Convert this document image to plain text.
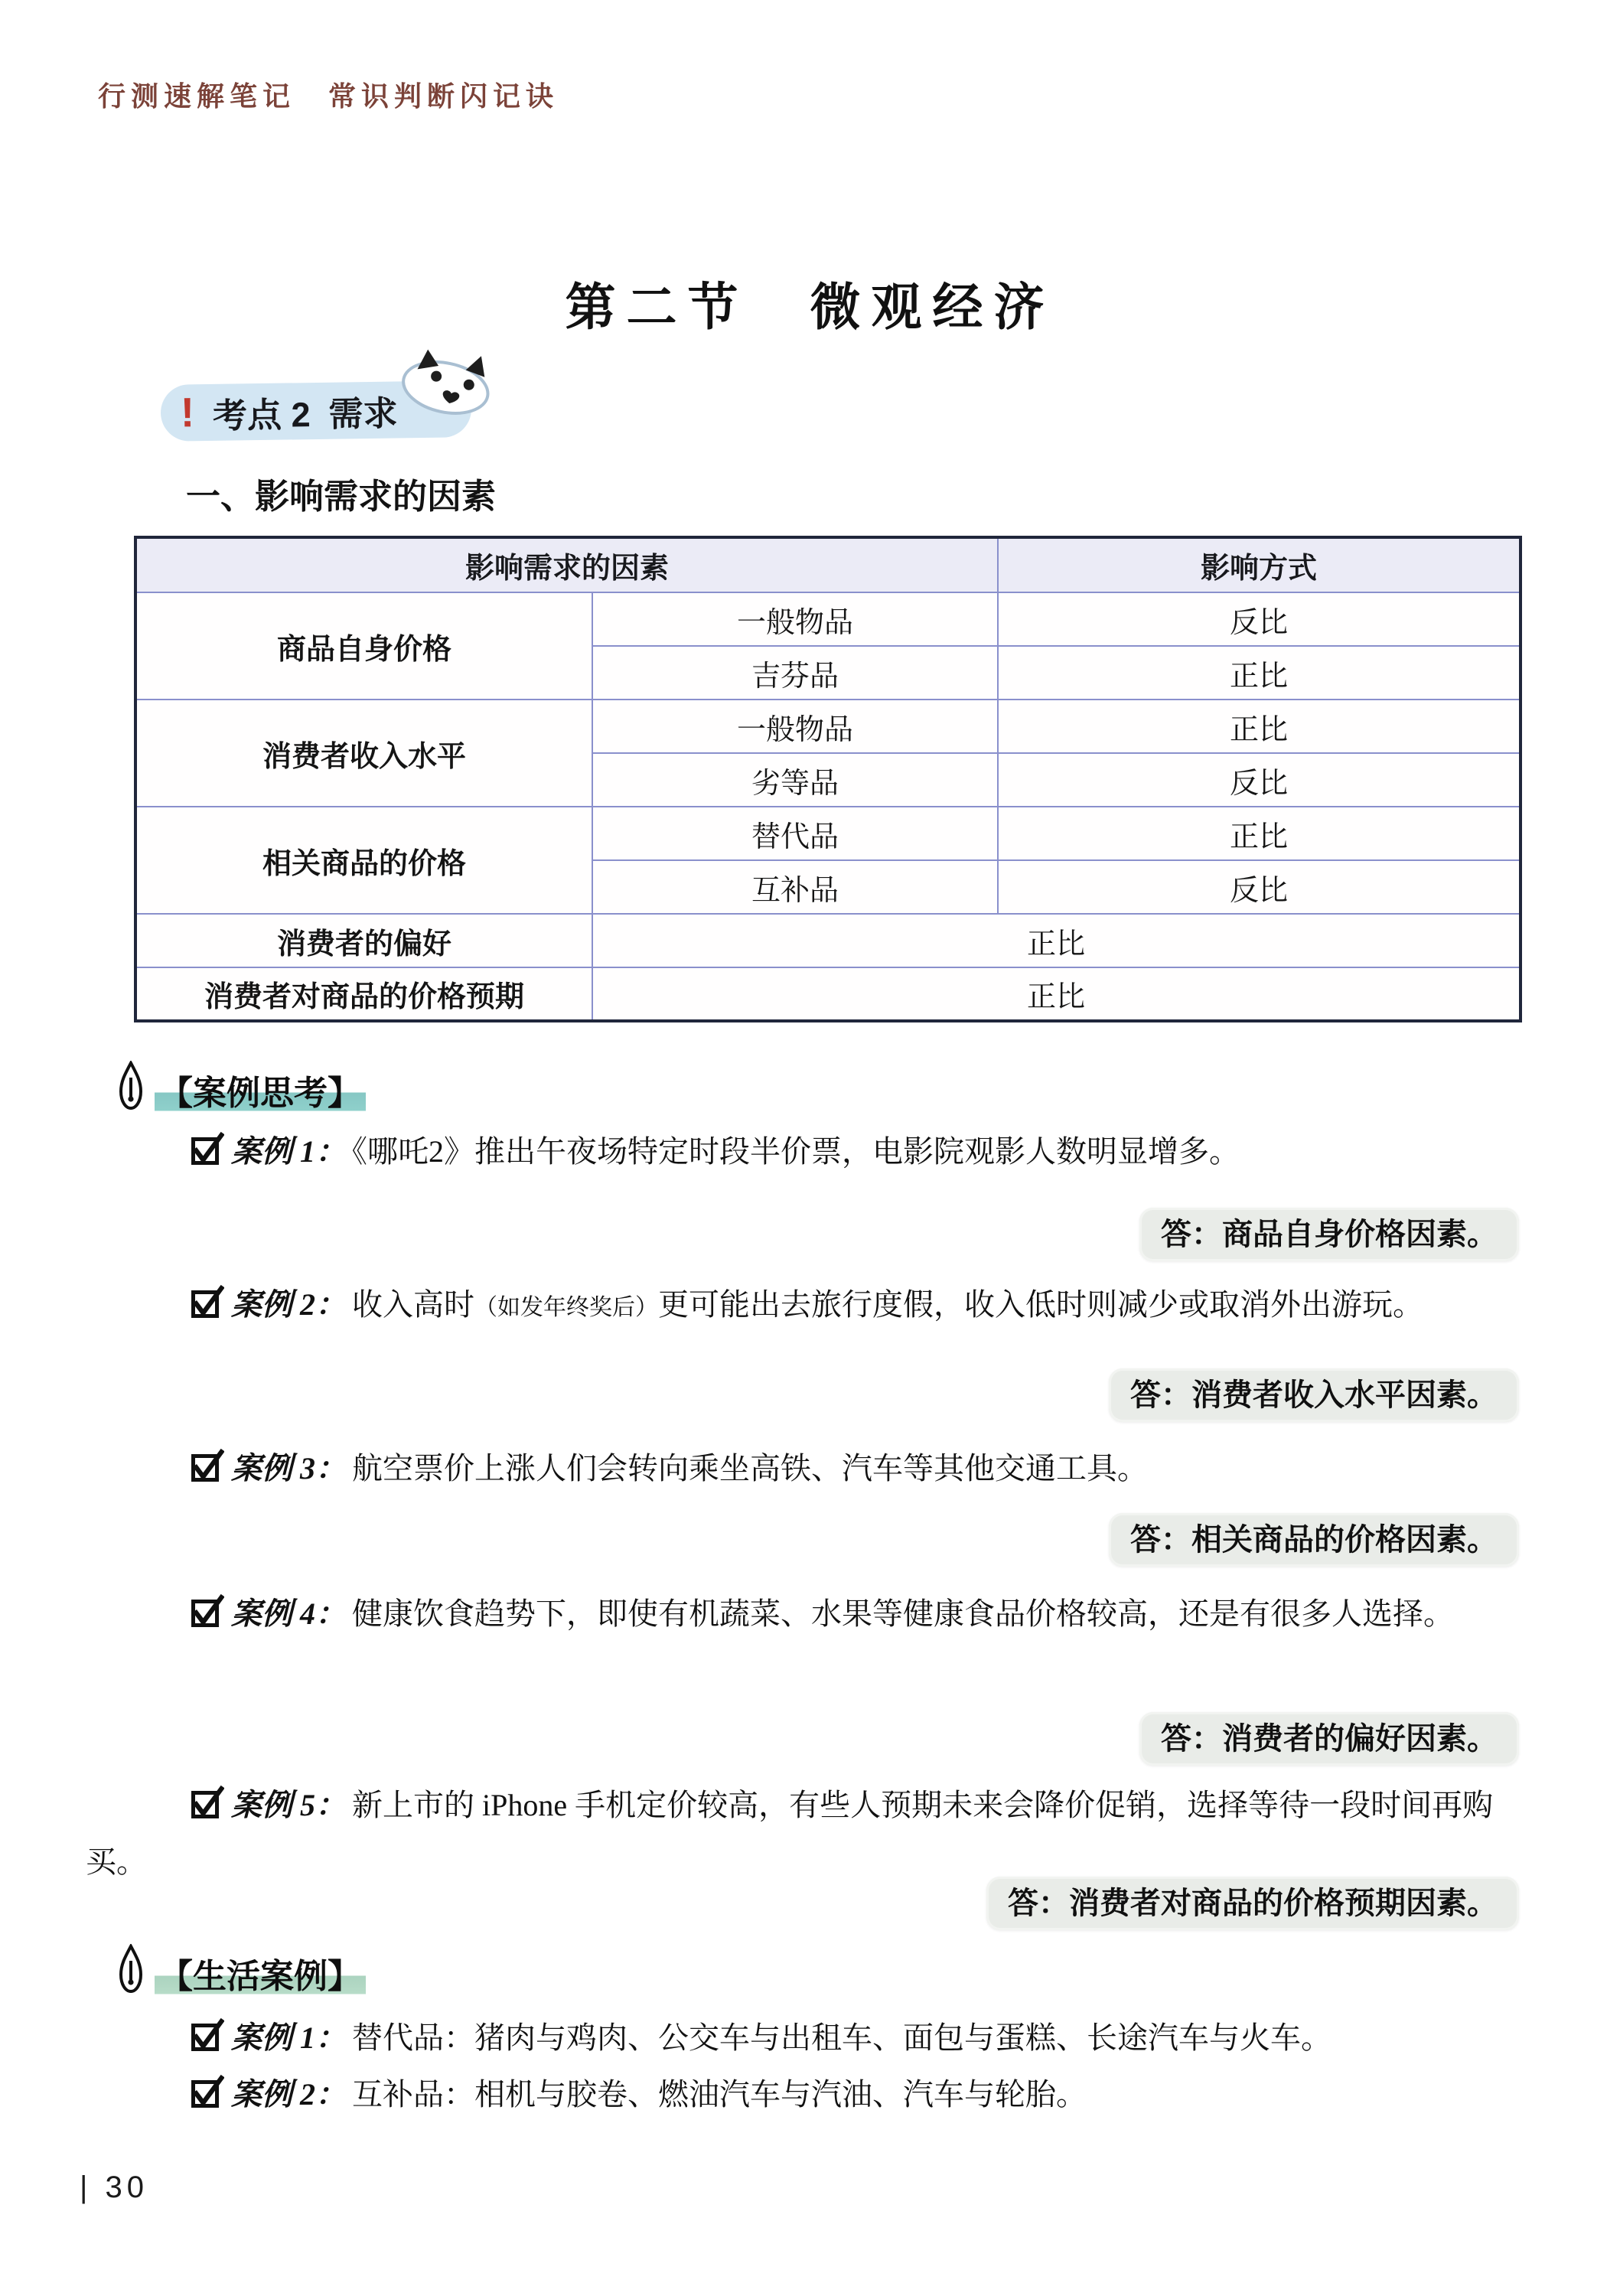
行测速解笔记　常识判断闪记诀
第二节　微观经济
! 考点 2 需求
一、影响需求的因素
影响需求的因素		影响方式
商品自身价格	一般物品	反比
	吉芬品	正比
消费者收入水平	一般物品	正比
	劣等品	反比
相关商品的价格	替代品	正比
	互补品	反比
消费者的偏好	正比	
消费者对商品的价格预期	正比	
【案例思考】
案例 1： 《哪吒2》推出午夜场特定时段半价票，电影院观影人数明显增多。
答：商品自身价格因素。
案例 2： 收入高时（如发年终奖后）更可能出去旅行度假，收入低时则减少或取消外出游玩。
答：消费者收入水平因素。
案例 3： 航空票价上涨人们会转向乘坐高铁、汽车等其他交通工具。
答：相关商品的价格因素。
案例 4： 健康饮食趋势下，即使有机蔬菜、水果等健康食品价格较高，还是有很多人选择。
答：消费者的偏好因素。
案例 5： 新上市的 iPhone 手机定价较高，有些人预期未来会降价促销，选择等待一段时间再购买。
答：消费者对商品的价格预期因素。
【生活案例】
案例 1： 替代品：猪肉与鸡肉、公交车与出租车、面包与蛋糕、长途汽车与火车。
案例 2： 互补品：相机与胶卷、燃油汽车与汽油、汽车与轮胎。
| 30
